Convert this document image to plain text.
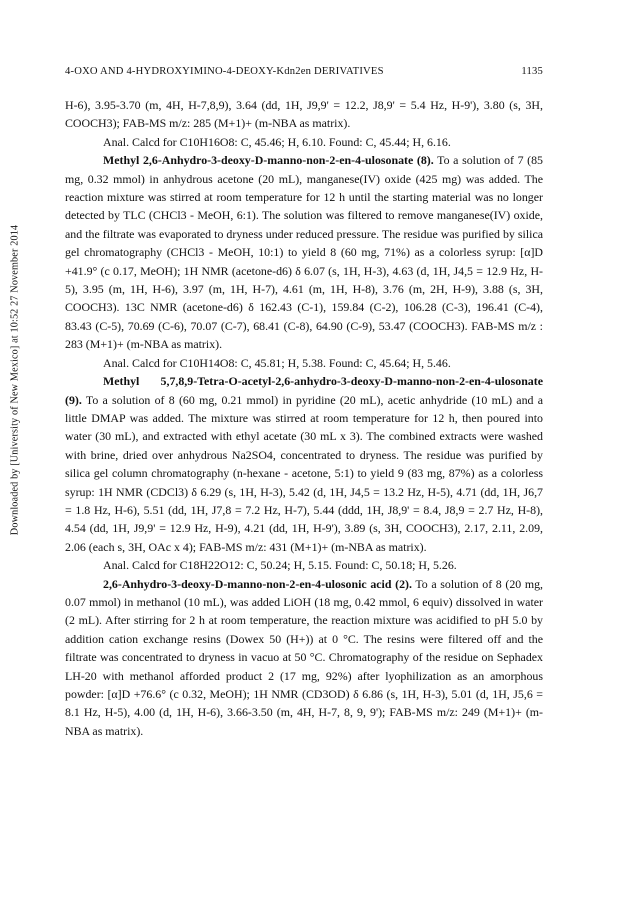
Downloaded by [University of New Mexico] at 10:52 27 November 2014
4-OXO AND 4-HYDROXYIMINO-4-DEOXY-Kdn2en DERIVATIVES	1135

H-6), 3.95-3.70 (m, 4H, H-7,8,9), 3.64 (dd, 1H, J9,9' = 12.2, J8,9' = 5.4 Hz, H-9'), 3.80 (s, 3H, COOCH3); FAB-MS m/z: 285 (M+1)+ (m-NBA as matrix).

Anal. Calcd for C10H16O8: C, 45.46; H, 6.10. Found: C, 45.44; H, 6.16.

Methyl 2,6-Anhydro-3-deoxy-D-manno-non-2-en-4-ulosonate (8). To a solution of 7 (85 mg, 0.32 mmol) in anhydrous acetone (20 mL), manganese(IV) oxide (425 mg) was added. The reaction mixture was stirred at room temperature for 12 h until the starting material was no longer detected by TLC (CHCl3 - MeOH, 6:1). The solution was filtered to remove manganese(IV) oxide, and the filtrate was evaporated to dryness under reduced pressure. The residue was purified by silica gel chromatography (CHCl3 - MeOH, 10:1) to yield 8 (60 mg, 71%) as a colorless syrup: [α]D +41.9° (c 0.17, MeOH); 1H NMR (acetone-d6) δ 6.07 (s, 1H, H-3), 4.63 (d, 1H, J4,5 = 12.9 Hz, H-5), 3.95 (m, 1H, H-6), 3.97 (m, 1H, H-7), 4.61 (m, 1H, H-8), 3.76 (m, 2H, H-9), 3.88 (s, 3H, COOCH3). 13C NMR (acetone-d6) δ 162.43 (C-1), 159.84 (C-2), 106.28 (C-3), 196.41 (C-4), 83.43 (C-5), 70.69 (C-6), 70.07 (C-7), 68.41 (C-8), 64.90 (C-9), 53.47 (COOCH3). FAB-MS m/z : 283 (M+1)+ (m-NBA as matrix).

Anal. Calcd for C10H14O8: C, 45.81; H, 5.38. Found: C, 45.64; H, 5.46.

Methyl 5,7,8,9-Tetra-O-acetyl-2,6-anhydro-3-deoxy-D-manno-non-2-en-4-ulosonate (9). To a solution of 8 (60 mg, 0.21 mmol) in pyridine (20 mL), acetic anhydride (10 mL) and a little DMAP was added. The mixture was stirred at room temperature for 12 h, then poured into water (30 mL), and extracted with ethyl acetate (30 mL x 3). The combined extracts were washed with brine, dried over anhydrous Na2SO4, concentrated to dryness. The residue was purified by silica gel column chromatography (n-hexane - acetone, 5:1) to yield 9 (83 mg, 87%) as a colorless syrup: 1H NMR (CDCl3) δ 6.29 (s, 1H, H-3), 5.42 (d, 1H, J4,5 = 13.2 Hz, H-5), 4.71 (dd, 1H, J6,7 = 1.8 Hz, H-6), 5.51 (dd, 1H, J7,8 = 7.2 Hz, H-7), 5.44 (ddd, 1H, J8,9' = 8.4, J8,9 = 2.7 Hz, H-8), 4.54 (dd, 1H, J9,9' = 12.9 Hz, H-9), 4.21 (dd, 1H, H-9'), 3.89 (s, 3H, COOCH3), 2.17, 2.11, 2.09, 2.06 (each s, 3H, OAc x 4); FAB-MS m/z: 431 (M+1)+ (m-NBA as matrix).

Anal. Calcd for C18H22O12: C, 50.24; H, 5.15. Found: C, 50.18; H, 5.26.

2,6-Anhydro-3-deoxy-D-manno-non-2-en-4-ulosonic acid (2). To a solution of 8 (20 mg, 0.07 mmol) in methanol (10 mL), was added LiOH (18 mg, 0.42 mmol, 6 equiv) dissolved in water (2 mL). After stirring for 2 h at room temperature, the reaction mixture was acidified to pH 5.0 by addition cation exchange resins (Dowex 50 (H+)) at 0 °C. The resins were filtered off and the filtrate was concentrated to dryness in vacuo at 50 °C. Chromatography of the residue on Sephadex LH-20 with methanol afforded product 2 (17 mg, 92%) after lyophilization as an amorphous powder: [α]D +76.6° (c 0.32, MeOH); 1H NMR (CD3OD) δ 6.86 (s, 1H, H-3), 5.01 (d, 1H, J5,6 = 8.1 Hz, H-5), 4.00 (d, 1H, H-6), 3.66-3.50 (m, 4H, H-7, 8, 9, 9'); FAB-MS m/z: 249 (M+1)+ (m-NBA as matrix).
